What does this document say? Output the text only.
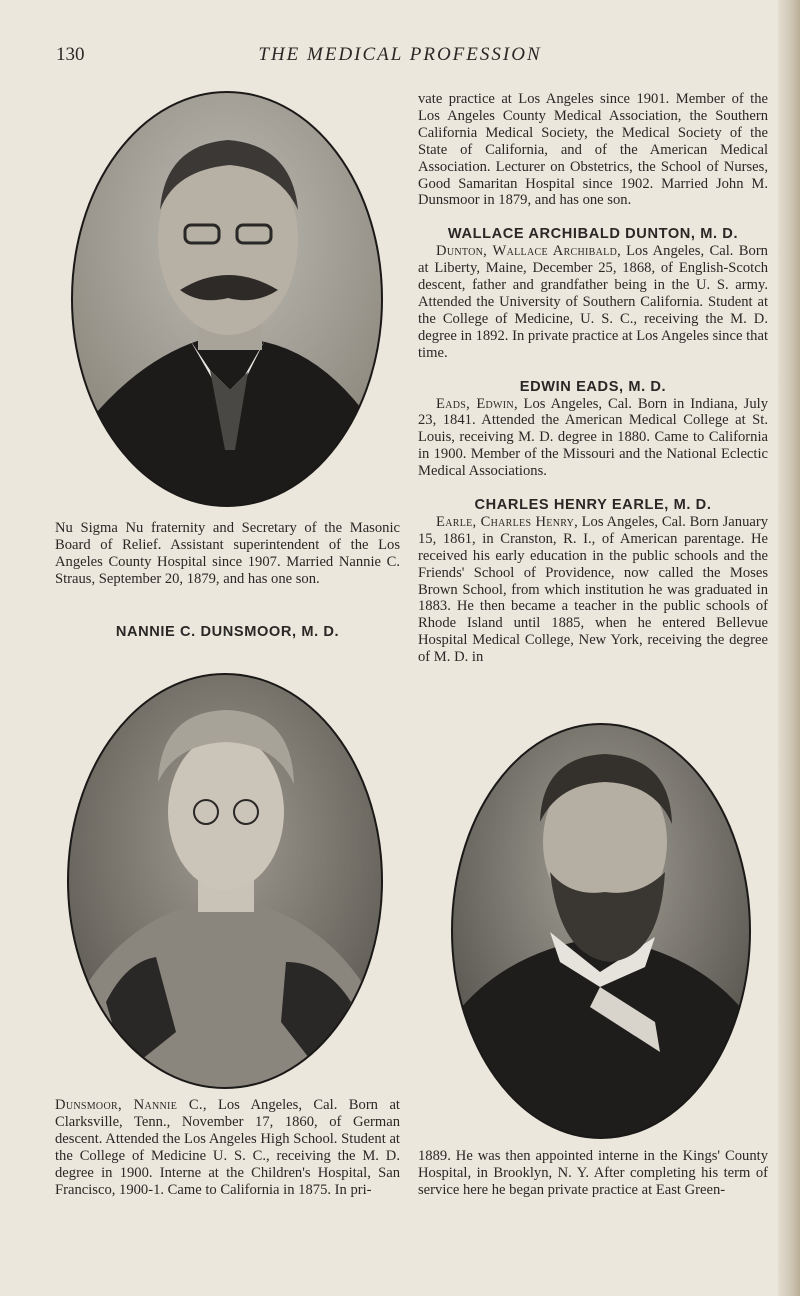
130	THE MEDICAL PROFESSION

Nu Sigma Nu fraternity and Secretary of the Masonic Board of Relief. Assistant superintendent of the Los Angeles County Hospital since 1907. Married Nannie C. Straus, September 20, 1879, and has one son.

NANNIE C. DUNSMOOR, M. D.

Dunsmoor, Nannie C., Los Angeles, Cal. Born at Clarksville, Tenn., November 17, 1860, of German descent. Attended the Los Angeles High School. Student at the College of Medicine U. S. C., receiving the M. D. degree in 1900. Interne at the Children's Hospital, San Francisco, 1900-1. Came to California in 1875. In pri-

vate practice at Los Angeles since 1901. Member of the Los Angeles County Medical Association, the Southern California Medical Society, the Medical Society of the State of California, and of the American Medical Association. Lecturer on Obstetrics, the School of Nurses, Good Samaritan Hospital since 1902. Married John M. Dunsmoor in 1879, and has one son.

WALLACE ARCHIBALD DUNTON, M. D.

Dunton, Wallace Archibald, Los Angeles, Cal. Born at Liberty, Maine, December 25, 1868, of English-Scotch descent, father and grandfather being in the U. S. army. Attended the University of Southern California. Student at the College of Medicine, U. S. C., receiving the M. D. degree in 1892. In private practice at Los Angeles since that time.

EDWIN EADS, M. D.

Eads, Edwin, Los Angeles, Cal. Born in Indiana, July 23, 1841. Attended the American Medical College at St. Louis, receiving M. D. degree in 1880. Came to California in 1900. Member of the Missouri and the National Eclectic Medical Associations.

CHARLES HENRY EARLE, M. D.

Earle, Charles Henry, Los Angeles, Cal. Born January 15, 1861, in Cranston, R. I., of American parentage. He received his early education in the public schools and the Friends' School of Providence, now called the Moses Brown School, from which institution he was graduated in 1883. He then became a teacher in the public schools of Rhode Island until 1885, when he entered Bellevue Hospital Medical College, New York, receiving the degree of M. D. in

1889. He was then appointed interne in the Kings' County Hospital, in Brooklyn, N. Y. After completing his term of service here he began private practice at East Green-
